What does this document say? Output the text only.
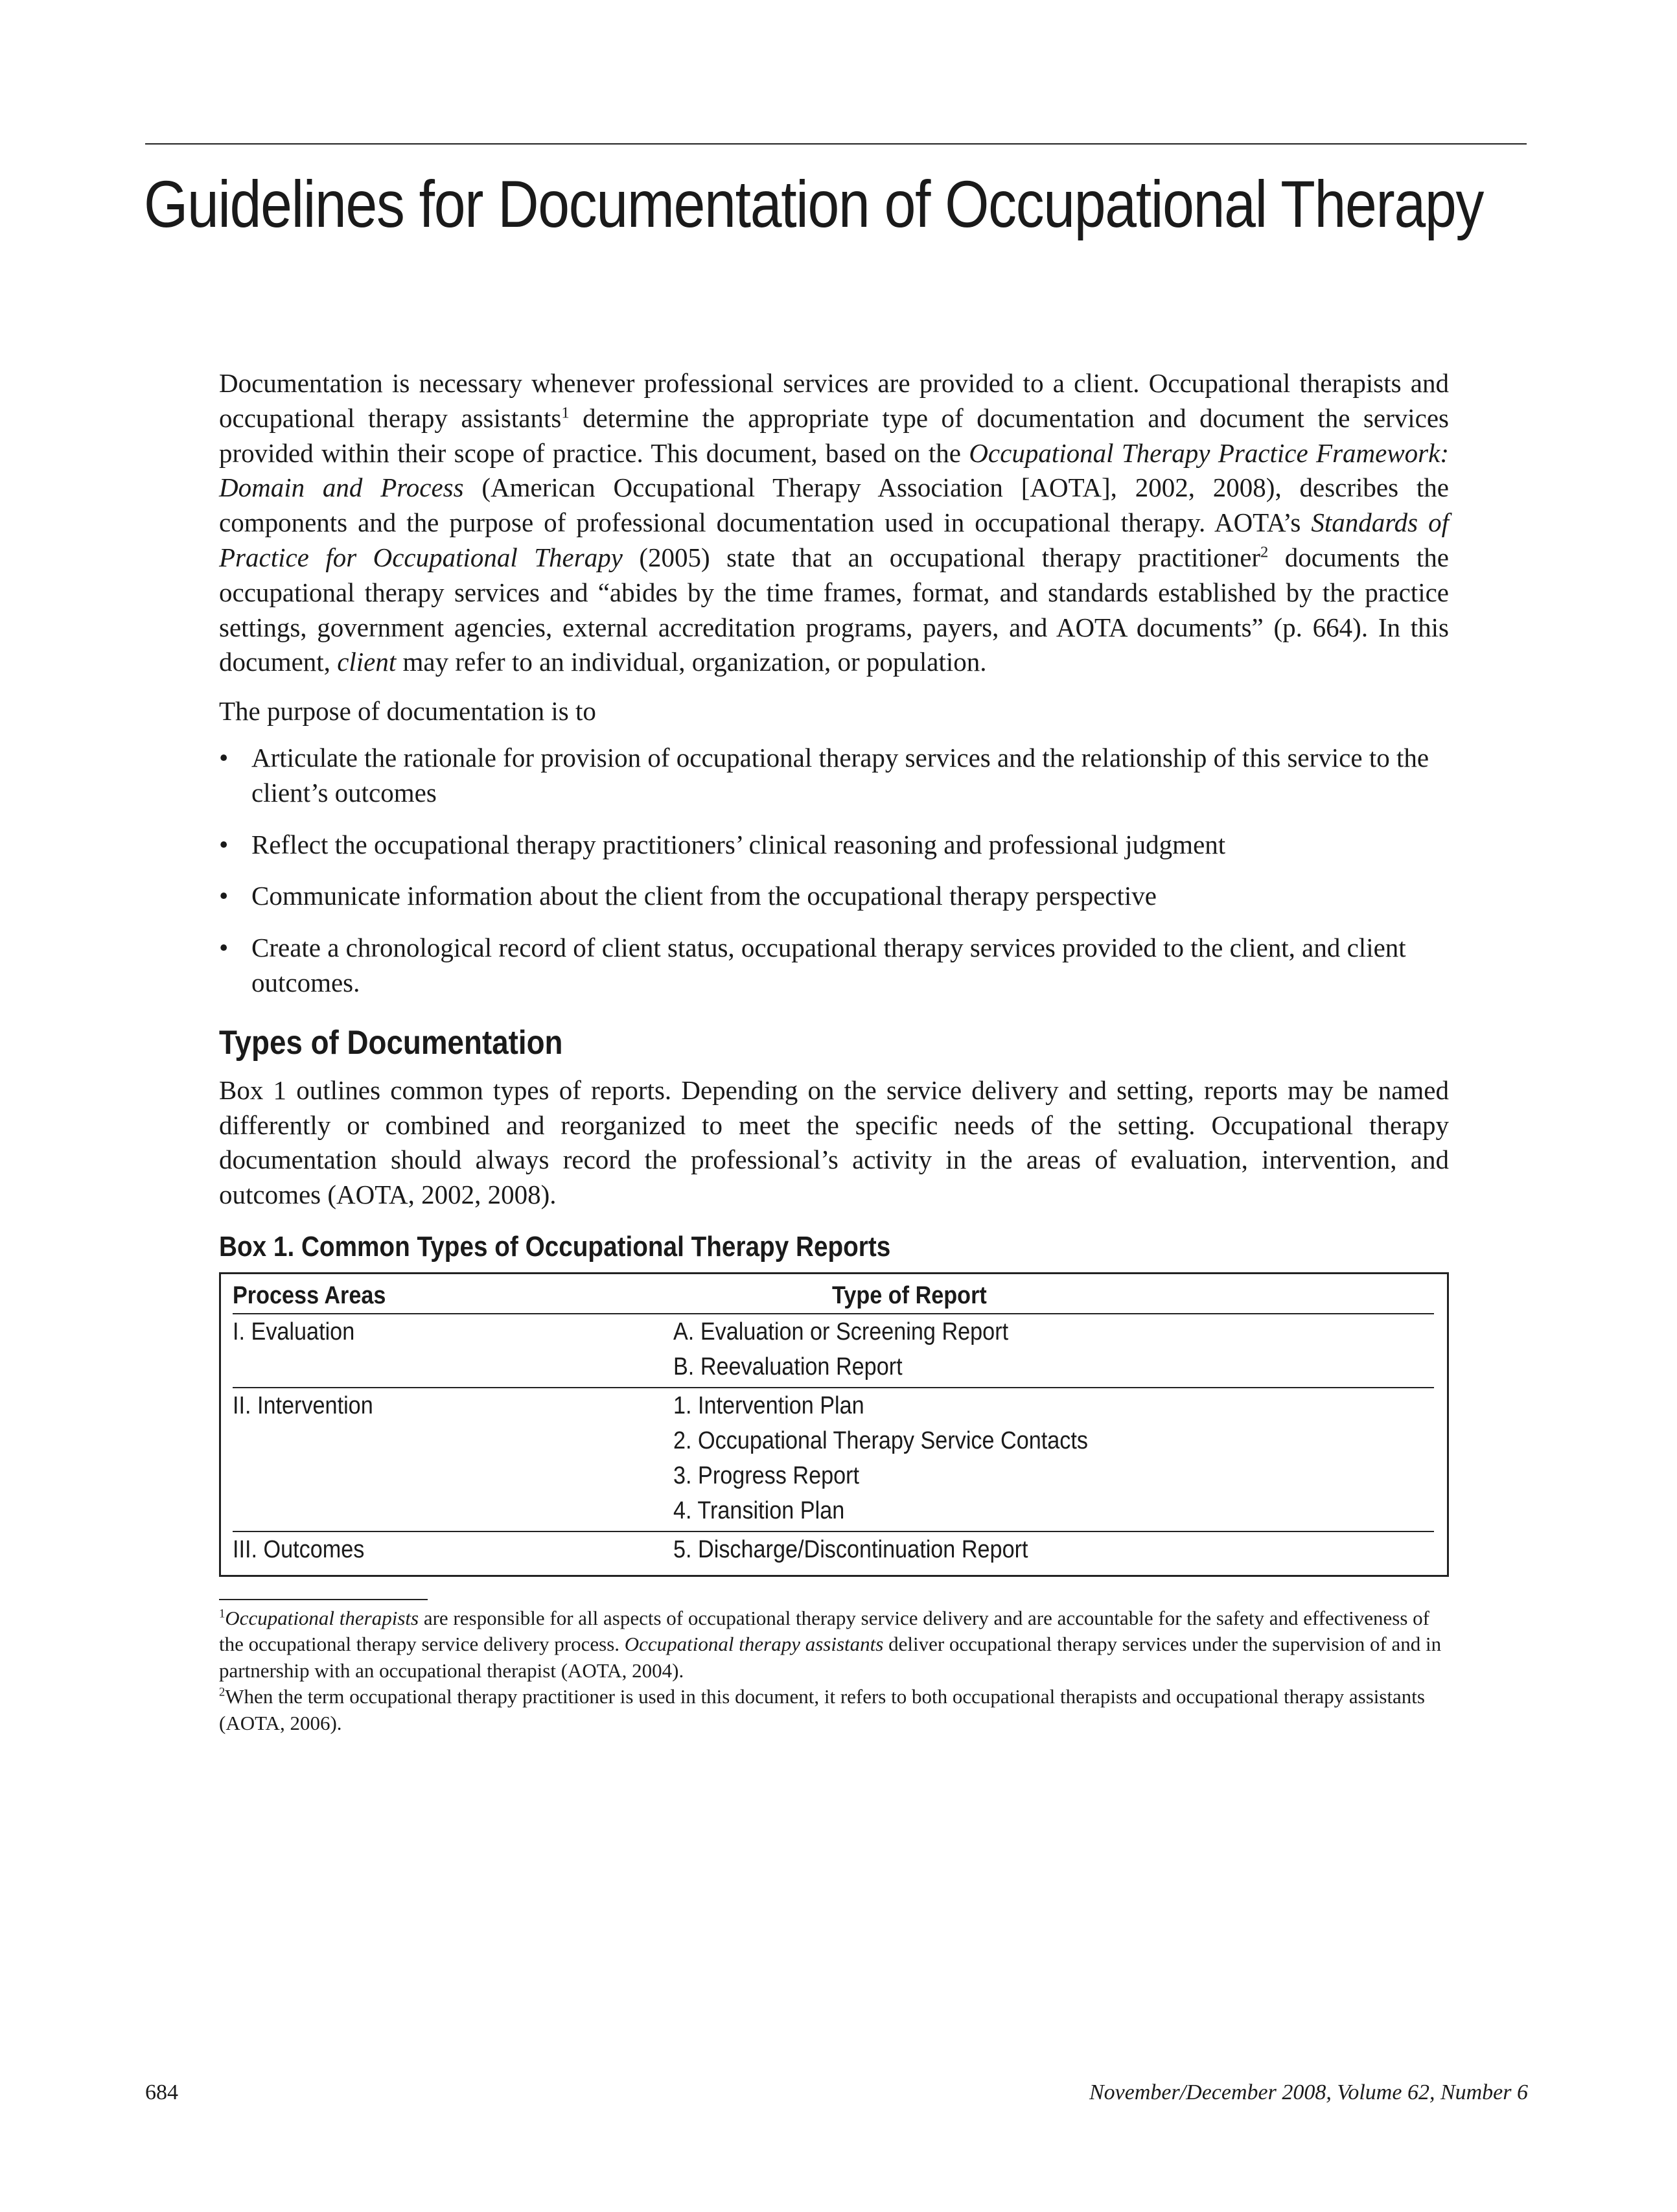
Guidelines for Documentation of Occupational Therapy

Documentation is necessary whenever professional services are provided to a client. Occupational therapists and occupational therapy assistants$^1$ determine the appropriate type of documentation and document the services provided within their scope of practice. This document, based on the Occupational Therapy Practice Framework: Domain and Process (American Occupational Therapy Association [AOTA], 2002, 2008), describes the components and the purpose of professional documentation used in occupational therapy. AOTA’s Standards of Practice for Occupational Therapy (2005) state that an occupational therapy practitioner$^2$ documents the occupational therapy services and “abides by the time frames, format, and standards established by the practice settings, government agencies, external accreditation programs, payers, and AOTA documents” (p. 664). In this document, client may refer to an individual, organization, or population.

The purpose of documentation is to

• Articulate the rationale for provision of occupational therapy services and the relationship of this service to the client’s outcomes
• Reflect the occupational therapy practitioners’ clinical reasoning and professional judgment
• Communicate information about the client from the occupational therapy perspective
• Create a chronological record of client status, occupational therapy services provided to the client, and client outcomes.
Types of Documentation

Box 1 outlines common types of reports. Depending on the service delivery and setting, reports may be named differently or combined and reorganized to meet the specific needs of the setting. Occupational therapy documentation should always record the professional’s activity in the areas of evaluation, intervention, and outcomes (AOTA, 2002, 2008).

Box 1. Common Types of Occupational Therapy Reports
Process Areas	Type of Report
I. Evaluation	A. Evaluation or Screening Report
B. Reevaluation Report
II. Intervention	1. Intervention Plan
2. Occupational Therapy Service Contacts
3. Progress Report
4. Transition Plan
III. Outcomes	5. Discharge/Discontinuation Report

$^1$Occupational therapists are responsible for all aspects of occupational therapy service delivery and are accountable for the safety and effectiveness of the occupational therapy service delivery process. Occupational therapy assistants deliver occupational therapy services under the supervision of and in partnership with an occupational therapist (AOTA, 2004).

$^2$When the term occupational therapy practitioner is used in this document, it refers to both occupational therapists and occupational therapy assistants (AOTA, 2006).

684	November/December 2008, Volume 62, Number 6
